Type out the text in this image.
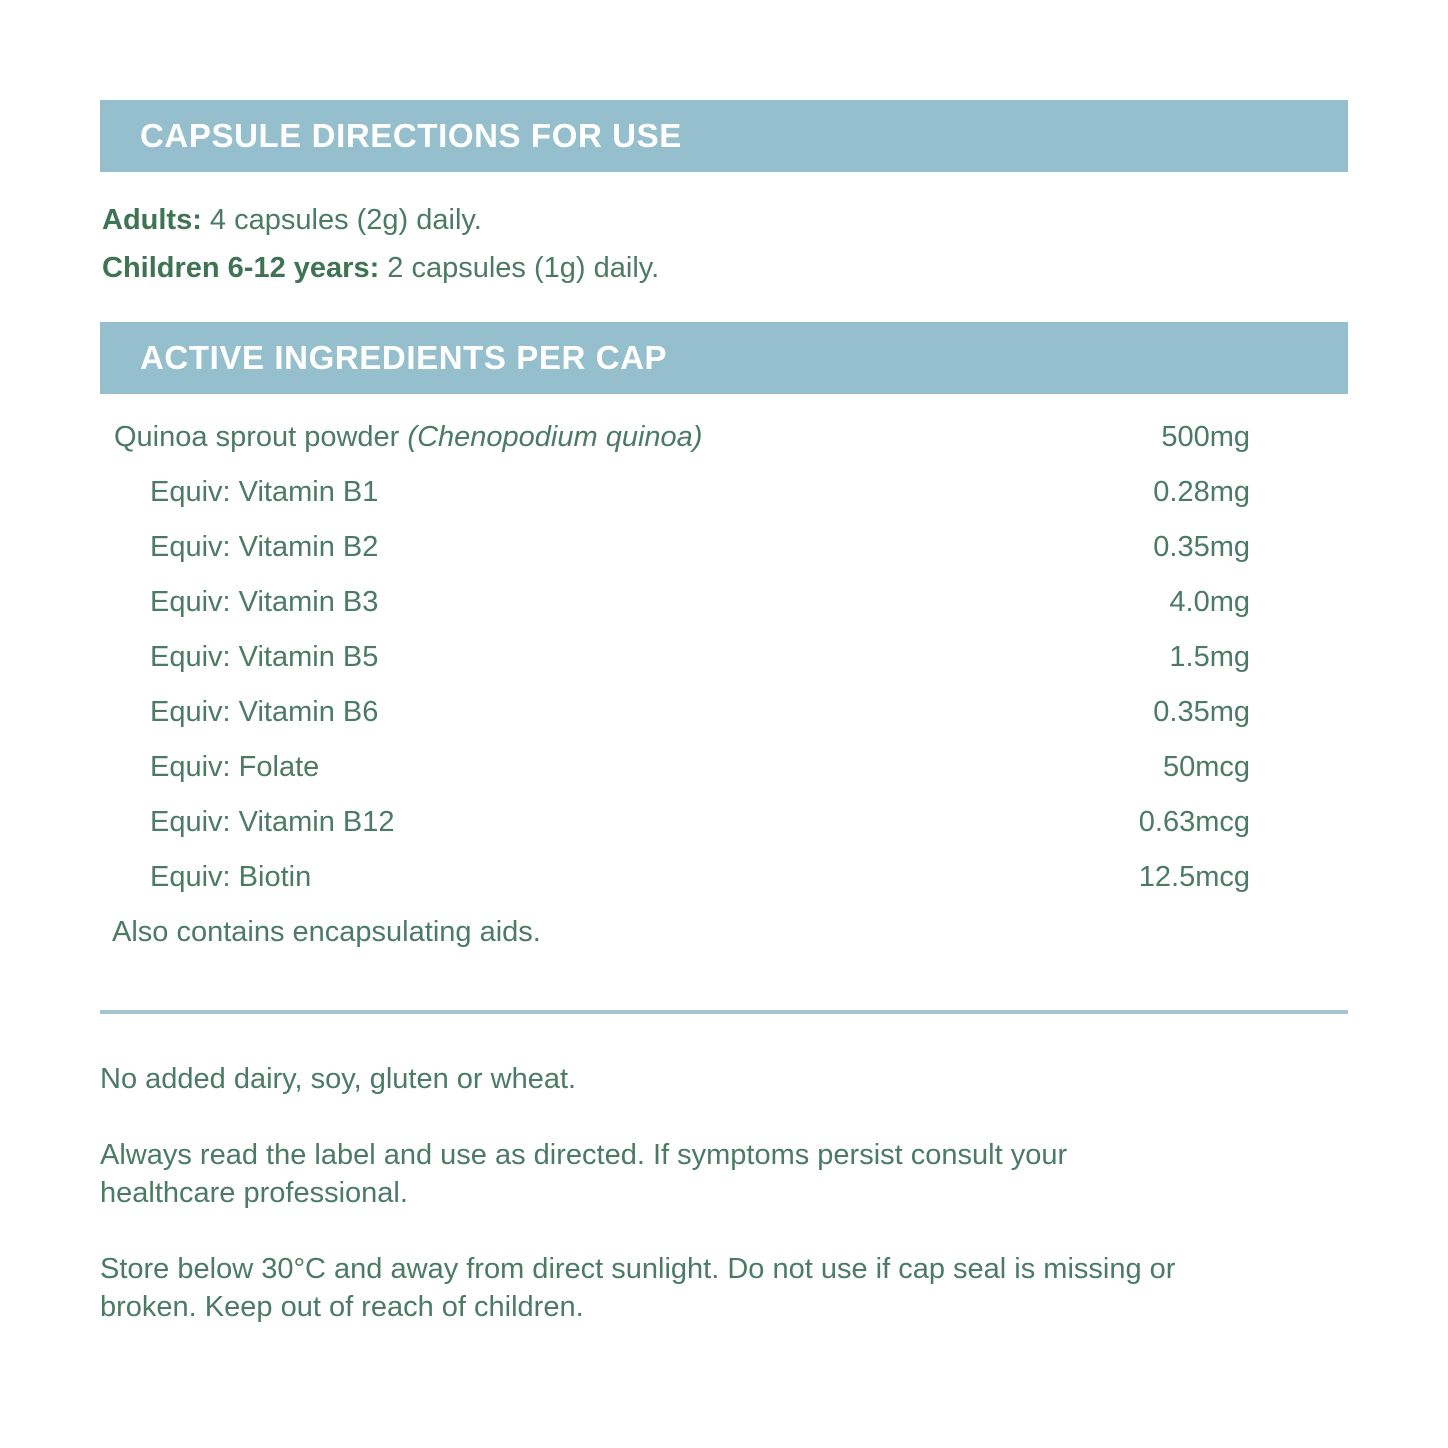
CAPSULE DIRECTIONS FOR USE
Adults: 4 capsules (2g) daily.
Children 6-12 years: 2 capsules (1g) daily.
ACTIVE INGREDIENTS PER CAP
Quinoa sprout powder (Chenopodium quinoa)	500mg
Equiv: Vitamin B1	0.28mg
Equiv: Vitamin B2	0.35mg
Equiv: Vitamin B3	4.0mg
Equiv: Vitamin B5	1.5mg
Equiv: Vitamin B6	0.35mg
Equiv: Folate	50mcg
Equiv: Vitamin B12	0.63mcg
Equiv: Biotin	12.5mcg
Also contains encapsulating aids.

No added dairy, soy, gluten or wheat.

Always read the label and use as directed. If symptoms persist consult your
healthcare professional.

Store below 30°C and away from direct sunlight. Do not use if cap seal is missing or
broken. Keep out of reach of children.
